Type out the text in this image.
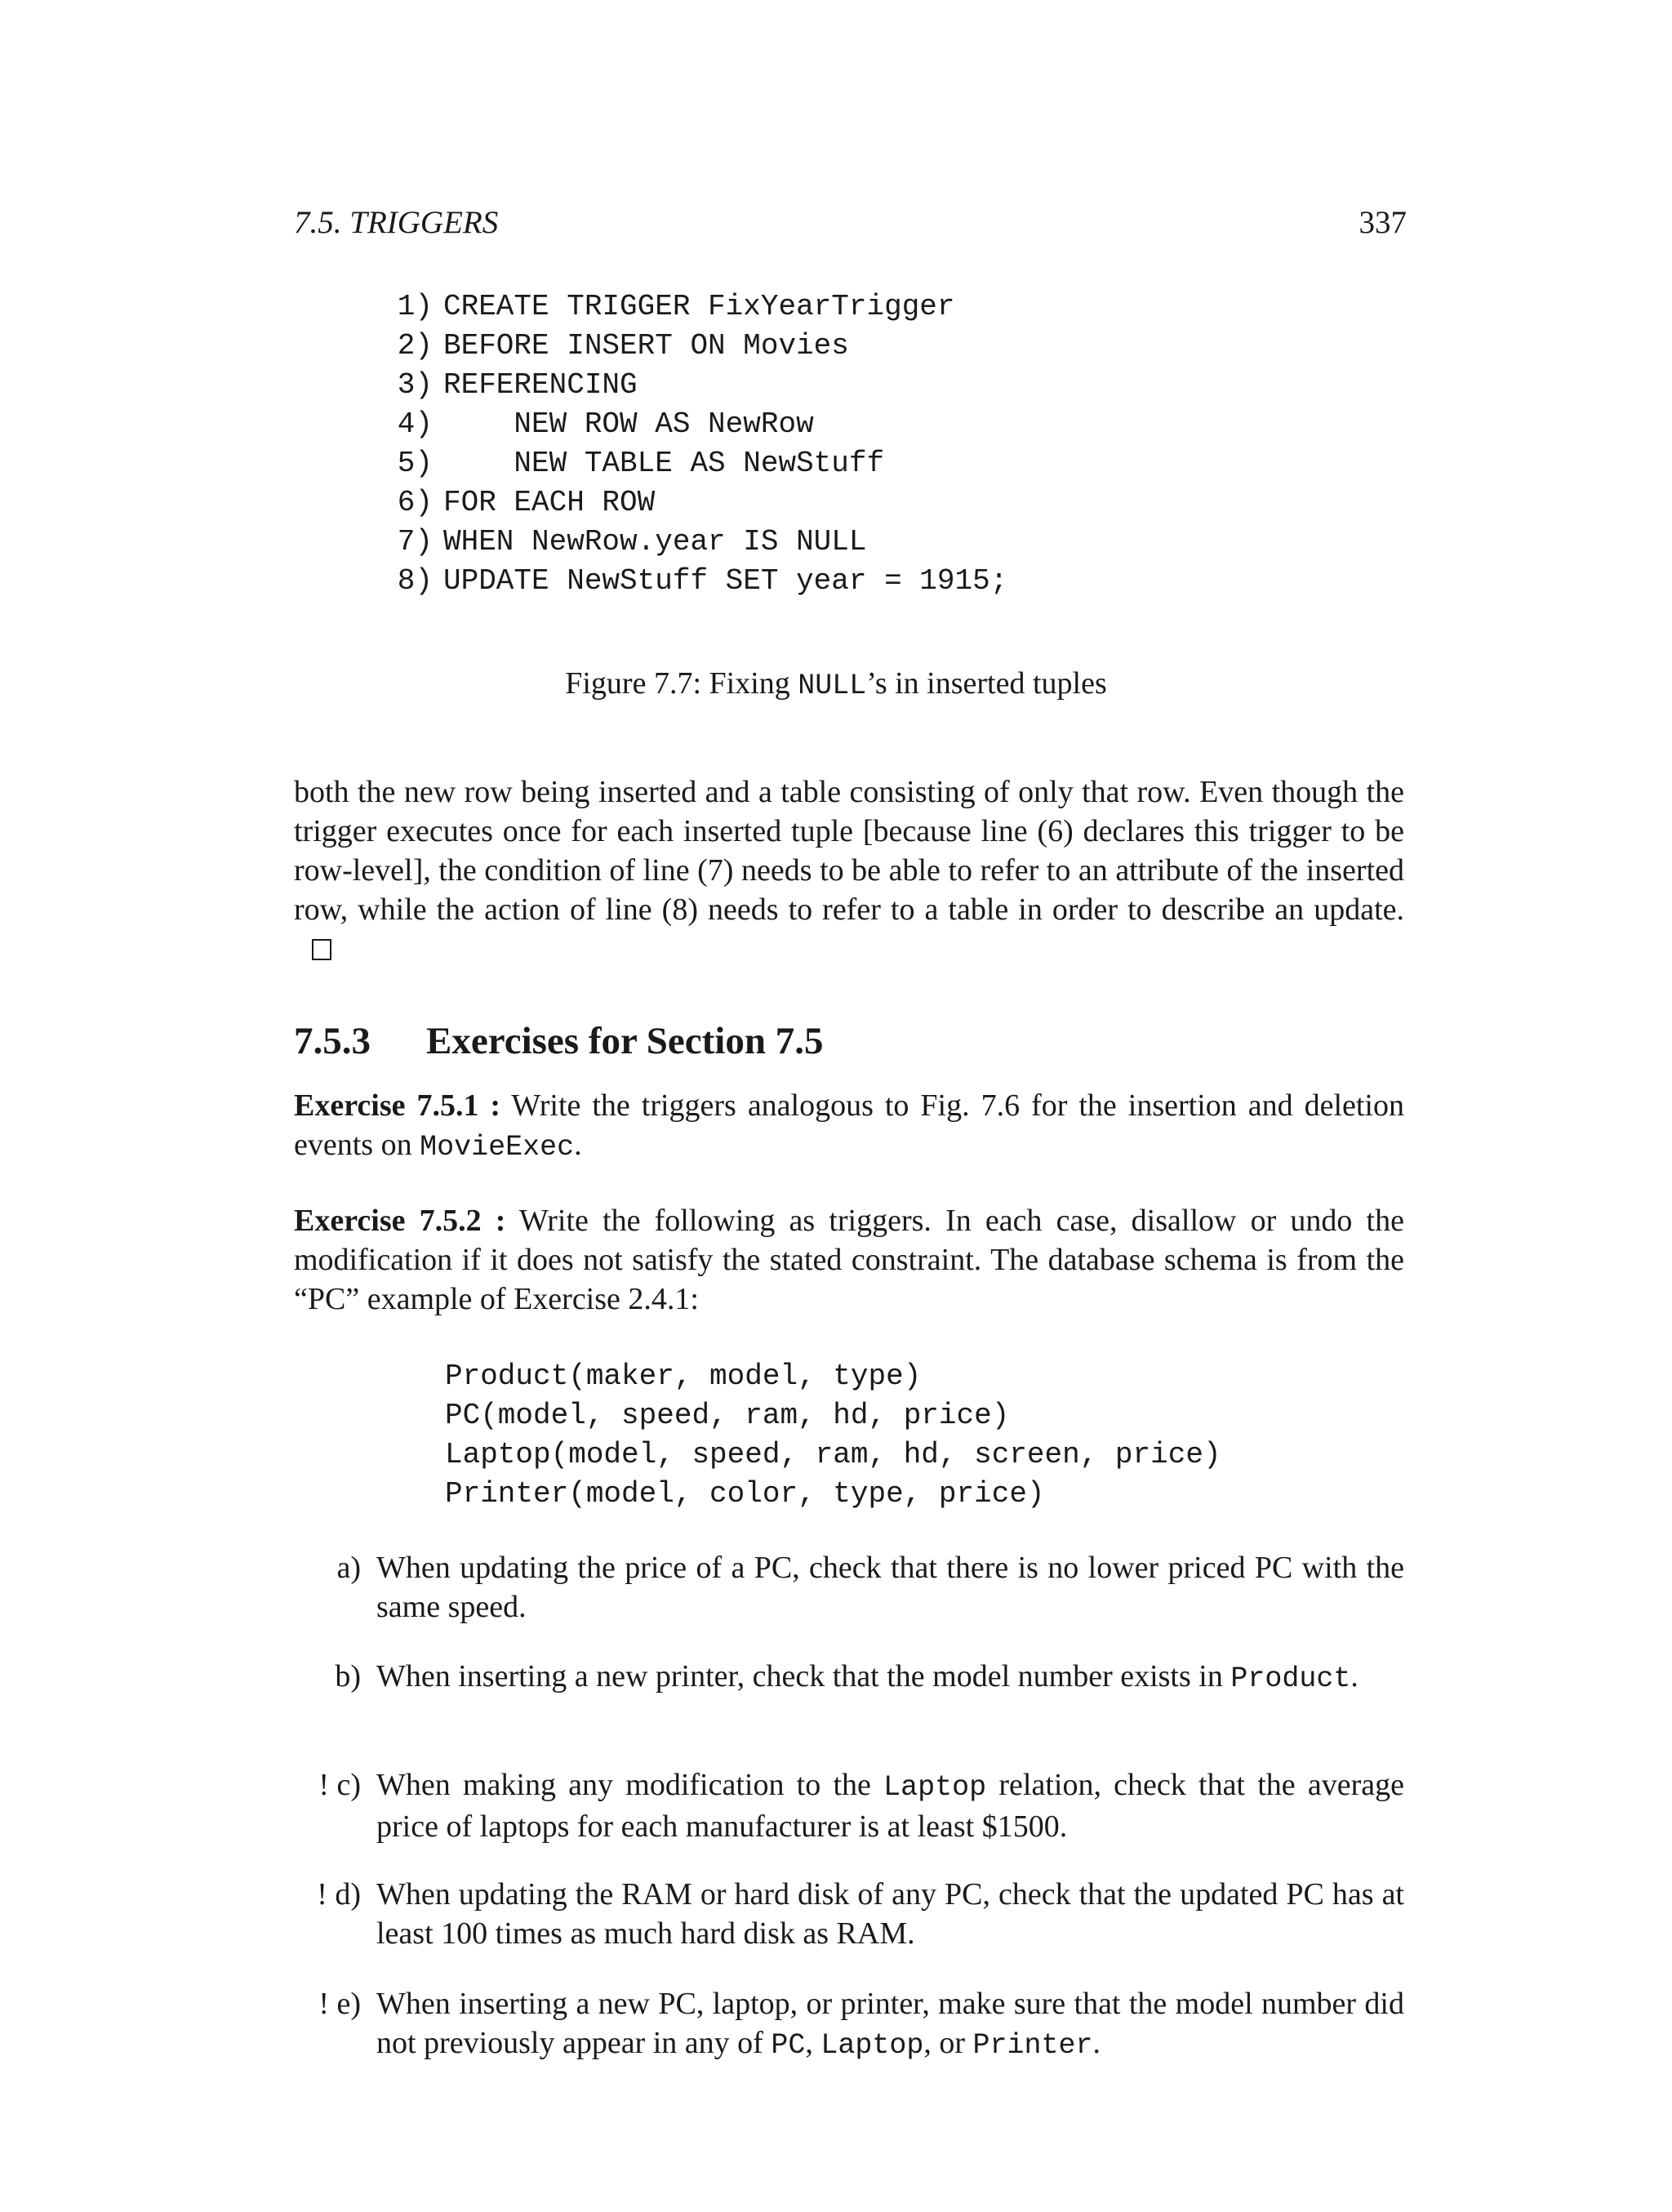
7.5. TRIGGERS	337
1) CREATE TRIGGER FixYearTrigger
2) BEFORE INSERT ON Movies
3) REFERENCING
4) NEW ROW AS NewRow
5) NEW TABLE AS NewStuff
6) FOR EACH ROW
7) WHEN NewRow.year IS NULL
8) UPDATE NewStuff SET year = 1915;
Figure 7.7: Fixing NULL’s in inserted tuples
both the new row being inserted and a table consisting of only that row. Even though the trigger executes once for each inserted tuple [because line (6) declares this trigger to be row-level], the condition of line (7) needs to be able to refer to an attribute of the inserted row, while the action of line (8) needs to refer to a table in order to describe an update.
7.5.3 Exercises for Section 7.5
Exercise 7.5.1 : Write the triggers analogous to Fig. 7.6 for the insertion and deletion events on MovieExec.
Exercise 7.5.2 : Write the following as triggers. In each case, disallow or undo the modification if it does not satisfy the stated constraint. The database schema is from the “PC” example of Exercise 2.4.1:
Product(maker, model, type)
PC(model, speed, ram, hd, price)
Laptop(model, speed, ram, hd, screen, price)
Printer(model, color, type, price)
a) When updating the price of a PC, check that there is no lower priced PC with the same speed.
b) When inserting a new printer, check that the model number exists in Product.
! c) When making any modification to the Laptop relation, check that the average price of laptops for each manufacturer is at least $1500.
! d) When updating the RAM or hard disk of any PC, check that the updated PC has at least 100 times as much hard disk as RAM.
! e) When inserting a new PC, laptop, or printer, make sure that the model number did not previously appear in any of PC, Laptop, or Printer.
